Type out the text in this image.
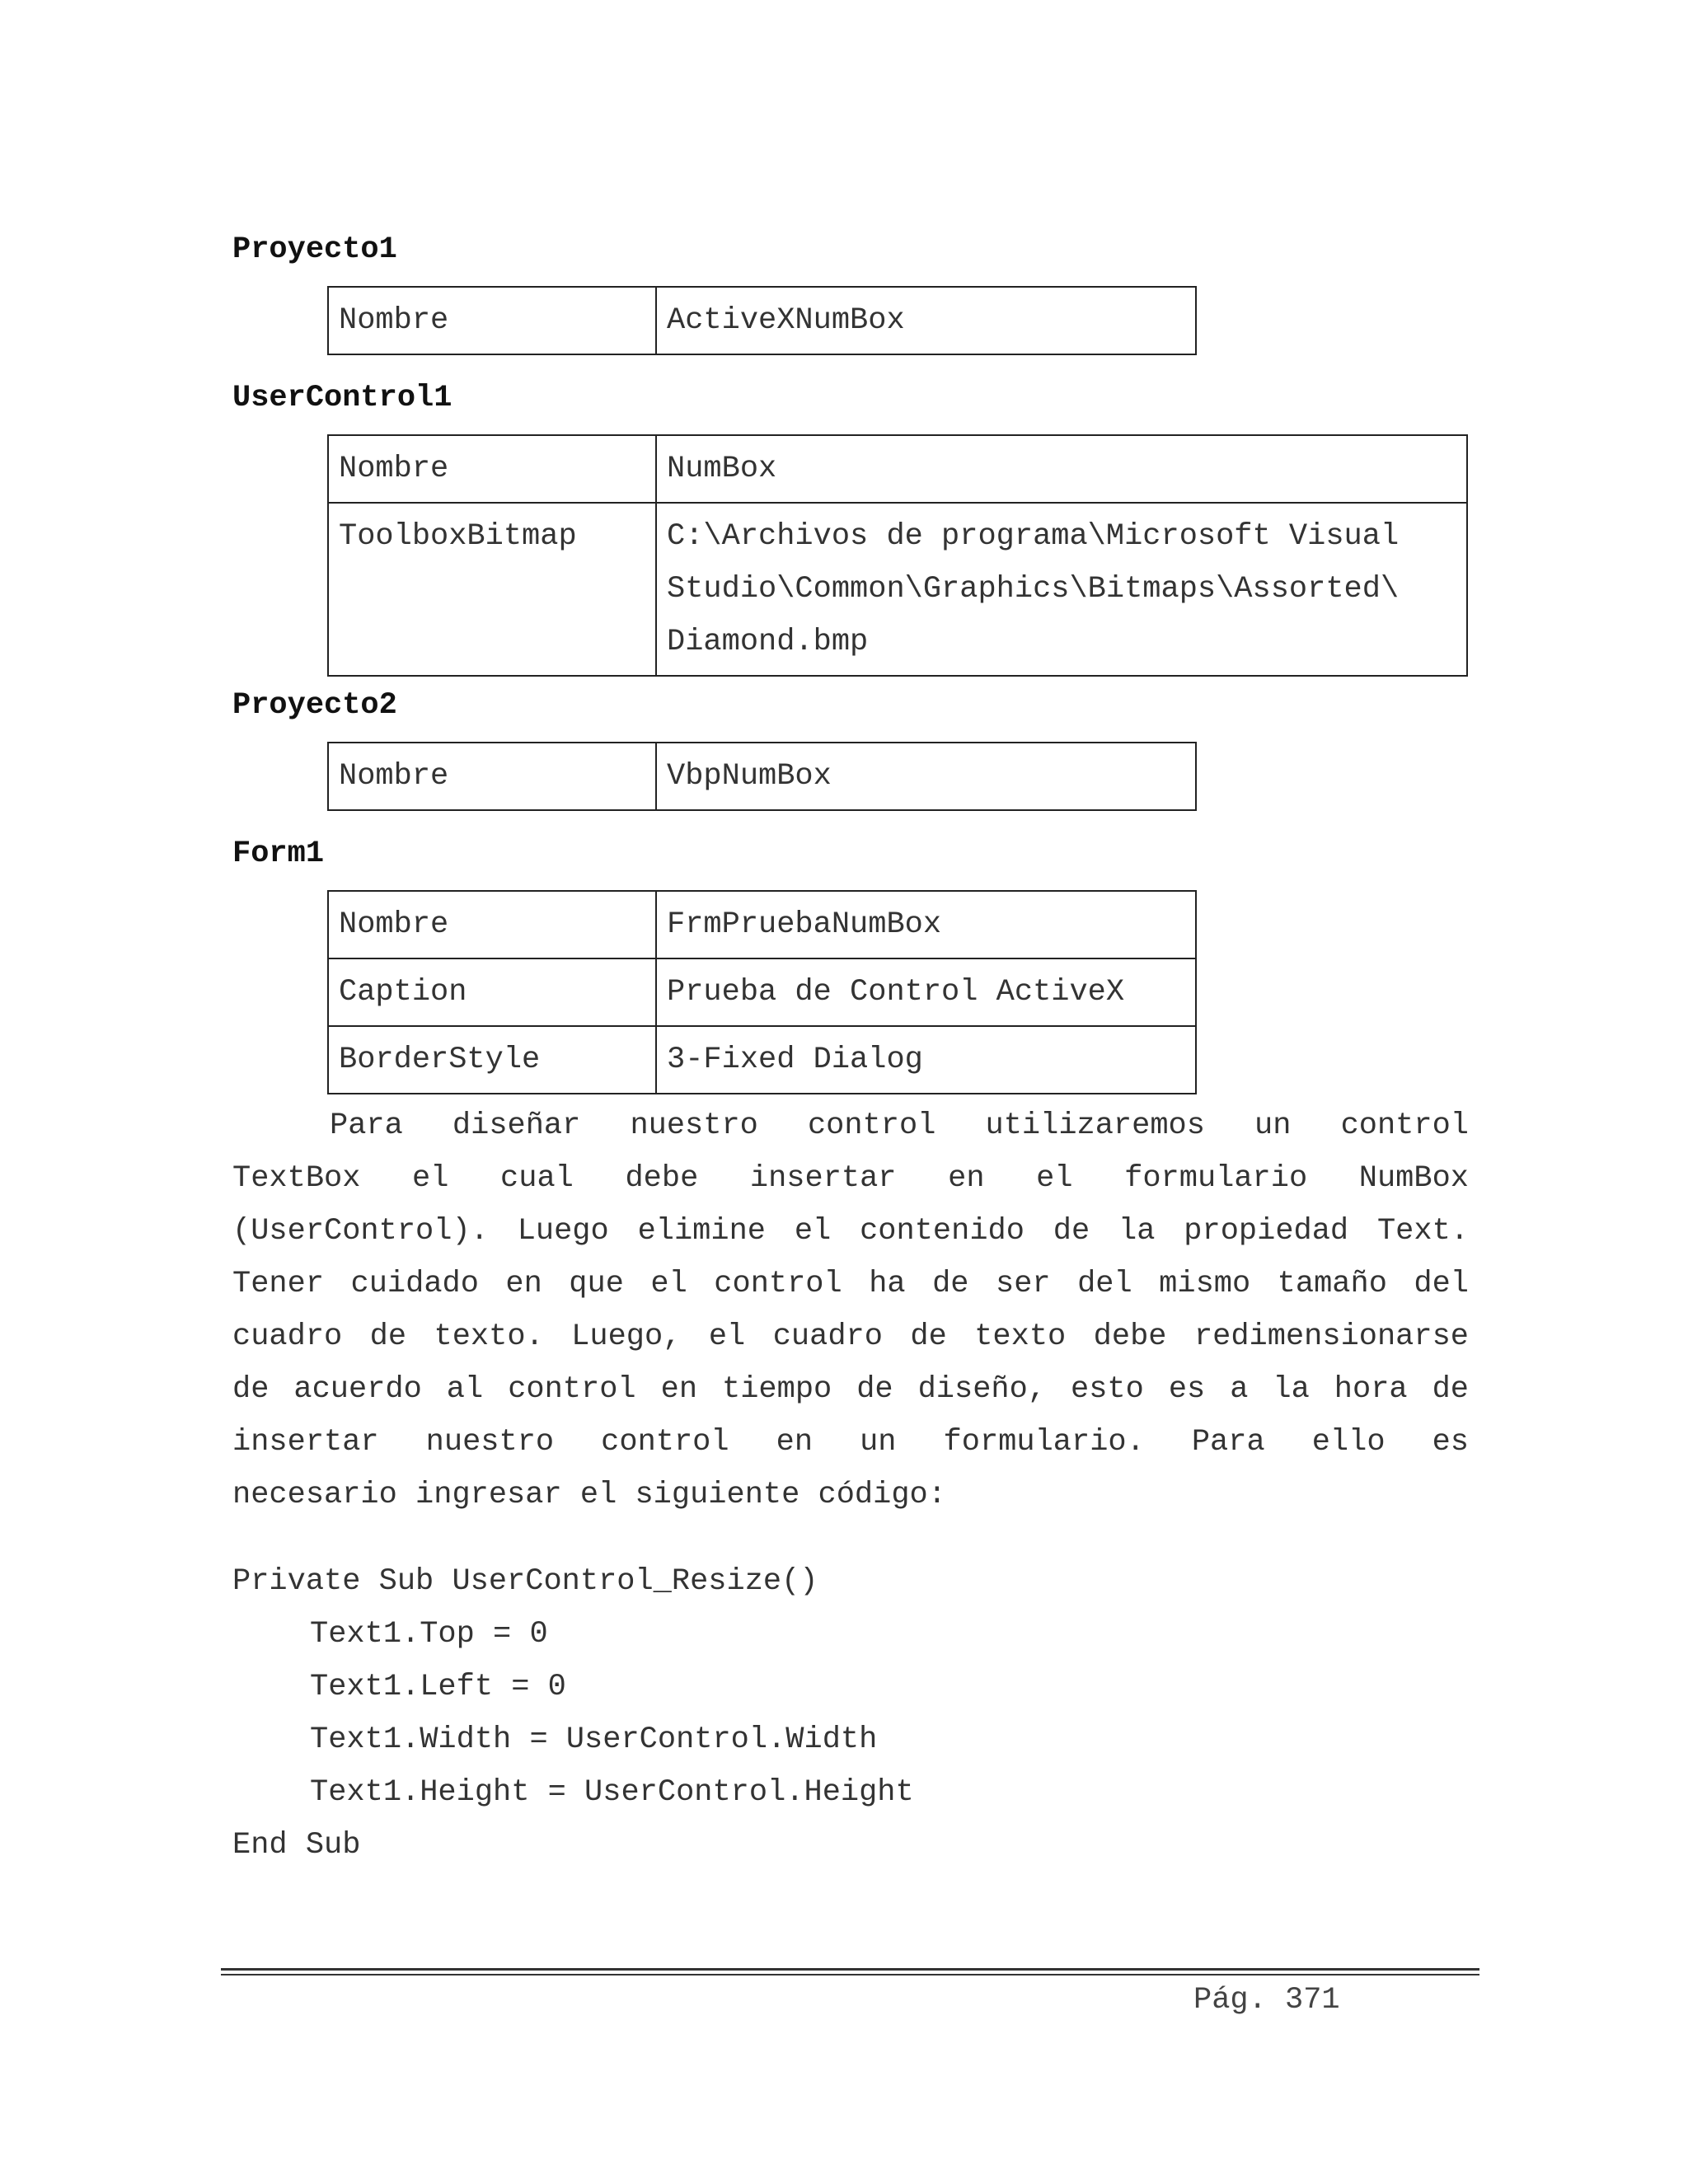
Proyecto1
Nombre	ActiveXNumBox
UserControl1
Nombre	NumBox

ToolboxBitmap	C:\Archivos de programa\Microsoft Visual
Studio\Common\Graphics\Bitmaps\Assorted\
Diamond.bmp
Proyecto2
Nombre	VbpNumBox
Form1
Nombre	FrmPruebaNumBox

Caption	Prueba de Control ActiveX

BorderStyle	3-Fixed Dialog
Para diseñar nuestro control utilizaremos un control
TextBox el cual debe insertar en el formulario NumBox
(UserControl). Luego elimine el contenido de la propiedad Text.
Tener cuidado en que el control ha de ser del mismo tamaño del
cuadro de texto. Luego, el cuadro de texto debe redimensionarse
de acuerdo al control en tiempo de diseño, esto es a la hora de
insertar nuestro control en un formulario. Para ello es
necesario ingresar el siguiente código:
Private Sub UserControl_Resize()
Text1.Top = 0
Text1.Left = 0
Text1.Width = UserControl.Width
Text1.Height = UserControl.Height
End Sub
Pág. 371
